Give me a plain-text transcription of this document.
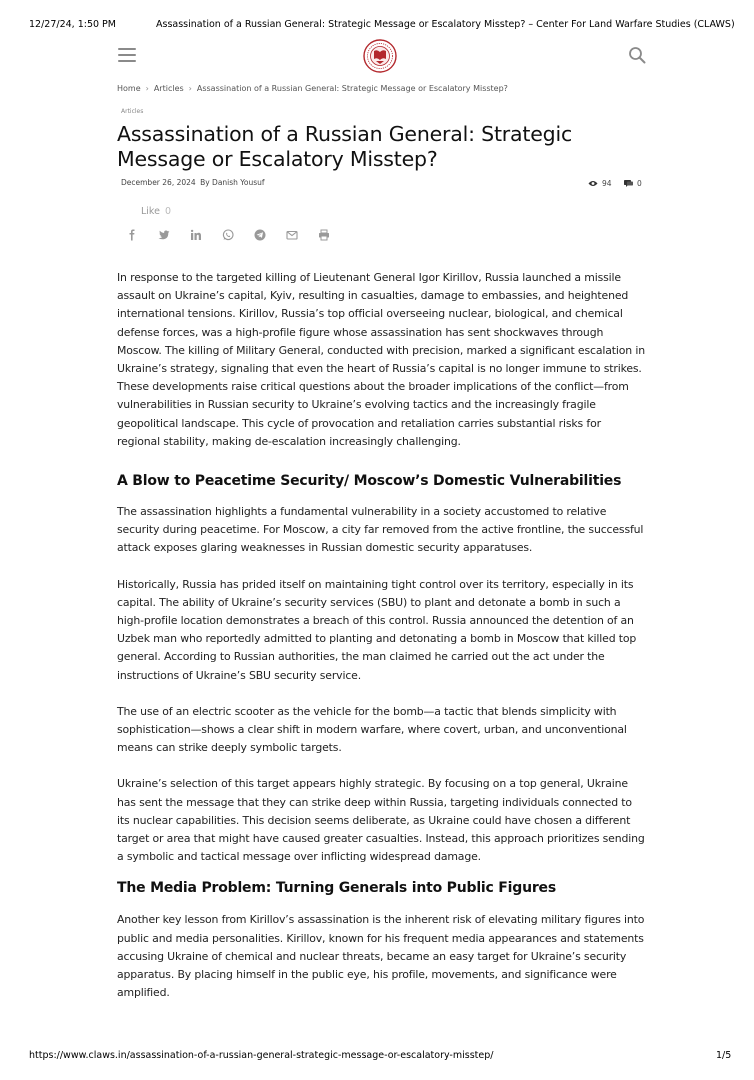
12/27/24, 1:50 PM	Assassination of a Russian General: Strategic Message or Escalatory Misstep? – Center For Land Warfare Studies (CLAWS)
Home › Articles › Assassination of a Russian General: Strategic Message or Escalatory Misstep?
Articles
Assassination of a Russian General: Strategic Message or Escalatory Misstep?
December 26, 2024 By Danish Yousuf	94
	0
Like 0

In response to the targeted killing of Lieutenant General Igor Kirillov, Russia launched a missile assault on Ukraine’s capital, Kyiv, resulting in casualties, damage to embassies, and heightened international tensions. Kirillov, Russia’s top official overseeing nuclear, biological, and chemical defense forces, was a high-profile figure whose assassination has sent shockwaves through Moscow. The killing of Military General, conducted with precision, marked a significant escalation in Ukraine’s strategy, signaling that even the heart of Russia’s capital is no longer immune to strikes. These developments raise critical questions about the broader implications of the conflict—from vulnerabilities in Russian security to Ukraine’s evolving tactics and the increasingly fragile geopolitical landscape. This cycle of provocation and retaliation carries substantial risks for regional stability, making de-escalation increasingly challenging.

A Blow to Peacetime Security/ Moscow’s Domestic Vulnerabilities

The assassination highlights a fundamental vulnerability in a society accustomed to relative security during peacetime. For Moscow, a city far removed from the active frontline, the successful attack exposes glaring weaknesses in Russian domestic security apparatuses.

Historically, Russia has prided itself on maintaining tight control over its territory, especially in its capital. The ability of Ukraine’s security services (SBU) to plant and detonate a bomb in such a high-profile location demonstrates a breach of this control. Russia announced the detention of an Uzbek man who reportedly admitted to planting and detonating a bomb in Moscow that killed top general. According to Russian authorities, the man claimed he carried out the act under the instructions of Ukraine’s SBU security service.

The use of an electric scooter as the vehicle for the bomb—a tactic that blends simplicity with sophistication—shows a clear shift in modern warfare, where covert, urban, and unconventional means can strike deeply symbolic targets.

Ukraine’s selection of this target appears highly strategic. By focusing on a top general, Ukraine has sent the message that they can strike deep within Russia, targeting individuals connected to its nuclear capabilities. This decision seems deliberate, as Ukraine could have chosen a different target or area that might have caused greater casualties. Instead, this approach prioritizes sending a symbolic and tactical message over inflicting widespread damage.

The Media Problem: Turning Generals into Public Figures

Another key lesson from Kirillov’s assassination is the inherent risk of elevating military figures into public and media personalities. Kirillov, known for his frequent media appearances and statements accusing Ukraine of chemical and nuclear threats, became an easy target for Ukraine’s security apparatus. By placing himself in the public eye, his profile, movements, and significance were amplified.

https://www.claws.in/assassination-of-a-russian-general-strategic-message-or-escalatory-misstep/	1/5
